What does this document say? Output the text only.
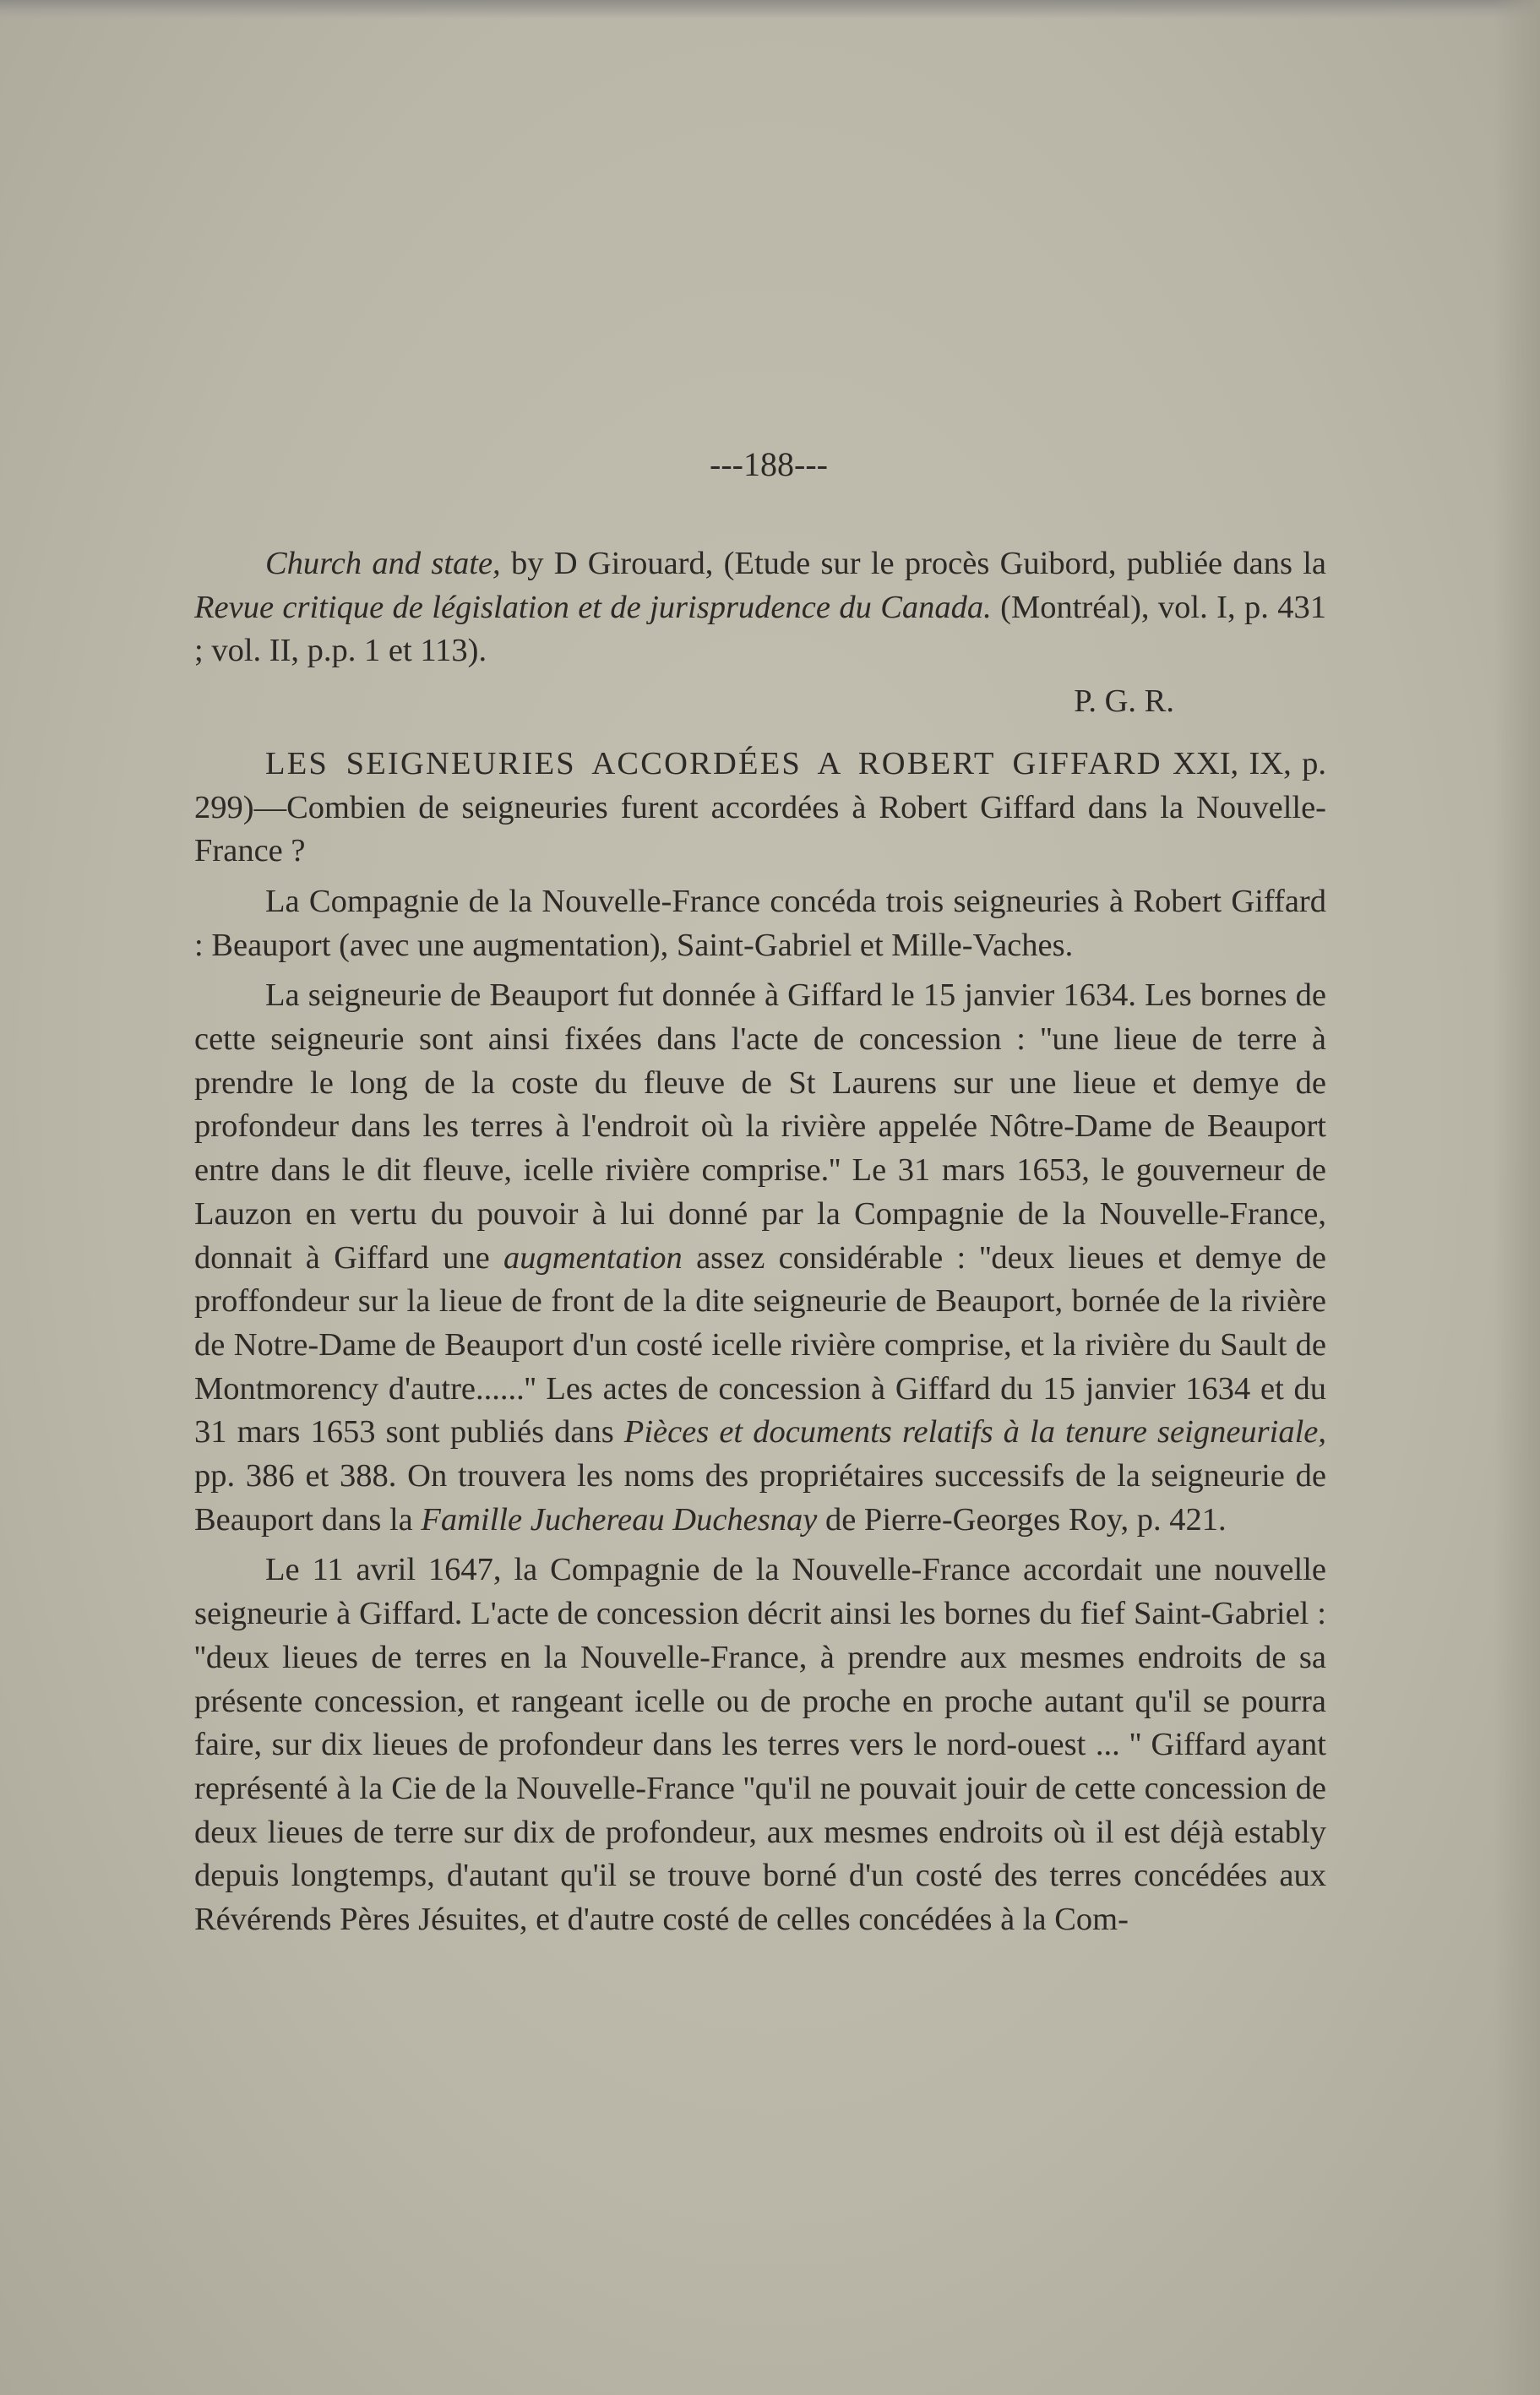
---188---

Church and state, by D Girouard, (Etude sur le procès Guibord, publiée dans la Revue critique de législation et de jurisprudence du Canada. (Montréal), vol. I, p. 431 ; vol. II, p.p. 1 et 113).

P. G. R.

LES SEIGNEURIES ACCORDÉES A ROBERT GIFFARD XXI, IX, p. 299)—Combien de seigneuries furent accordées à Robert Giffard dans la Nouvelle-France ?

La Compagnie de la Nouvelle-France concéda trois seigneuries à Robert Giffard : Beauport (avec une augmentation), Saint-Gabriel et Mille-Vaches.

La seigneurie de Beauport fut donnée à Giffard le 15 janvier 1634. Les bornes de cette seigneurie sont ainsi fixées dans l'acte de concession : ''une lieue de terre à prendre le long de la coste du fleuve de St Laurens sur une lieue et demye de profondeur dans les terres à l'endroit où la rivière appelée Nôtre-Dame de Beauport entre dans le dit fleuve, icelle rivière comprise.'' Le 31 mars 1653, le gouverneur de Lauzon en vertu du pouvoir à lui donné par la Compagnie de la Nouvelle-France, donnait à Giffard une augmentation assez considérable : ''deux lieues et demye de proffondeur sur la lieue de front de la dite seigneurie de Beauport, bornée de la rivière de Notre-Dame de Beauport d'un costé icelle rivière comprise, et la rivière du Sault de Montmorency d'autre......'' Les actes de concession à Giffard du 15 janvier 1634 et du 31 mars 1653 sont publiés dans Pièces et documents relatifs à la tenure seigneuriale, pp. 386 et 388. On trouvera les noms des propriétaires successifs de la seigneurie de Beauport dans la Famille Juchereau Duchesnay de Pierre-Georges Roy, p. 421.

Le 11 avril 1647, la Compagnie de la Nouvelle-France accordait une nouvelle seigneurie à Giffard. L'acte de concession décrit ainsi les bornes du fief Saint-Gabriel : ''deux lieues de terres en la Nouvelle-France, à prendre aux mesmes endroits de sa présente concession, et rangeant icelle ou de proche en proche autant qu'il se pourra faire, sur dix lieues de profondeur dans les terres vers le nord-ouest ... '' Giffard ayant représenté à la Cie de la Nouvelle-France ''qu'il ne pouvait jouir de cette concession de deux lieues de terre sur dix de profondeur, aux mesmes endroits où il est déjà estably depuis longtemps, d'autant qu'il se trouve borné d'un costé des terres concédées aux Révérends Pères Jésuites, et d'autre costé de celles concédées à la Com-
